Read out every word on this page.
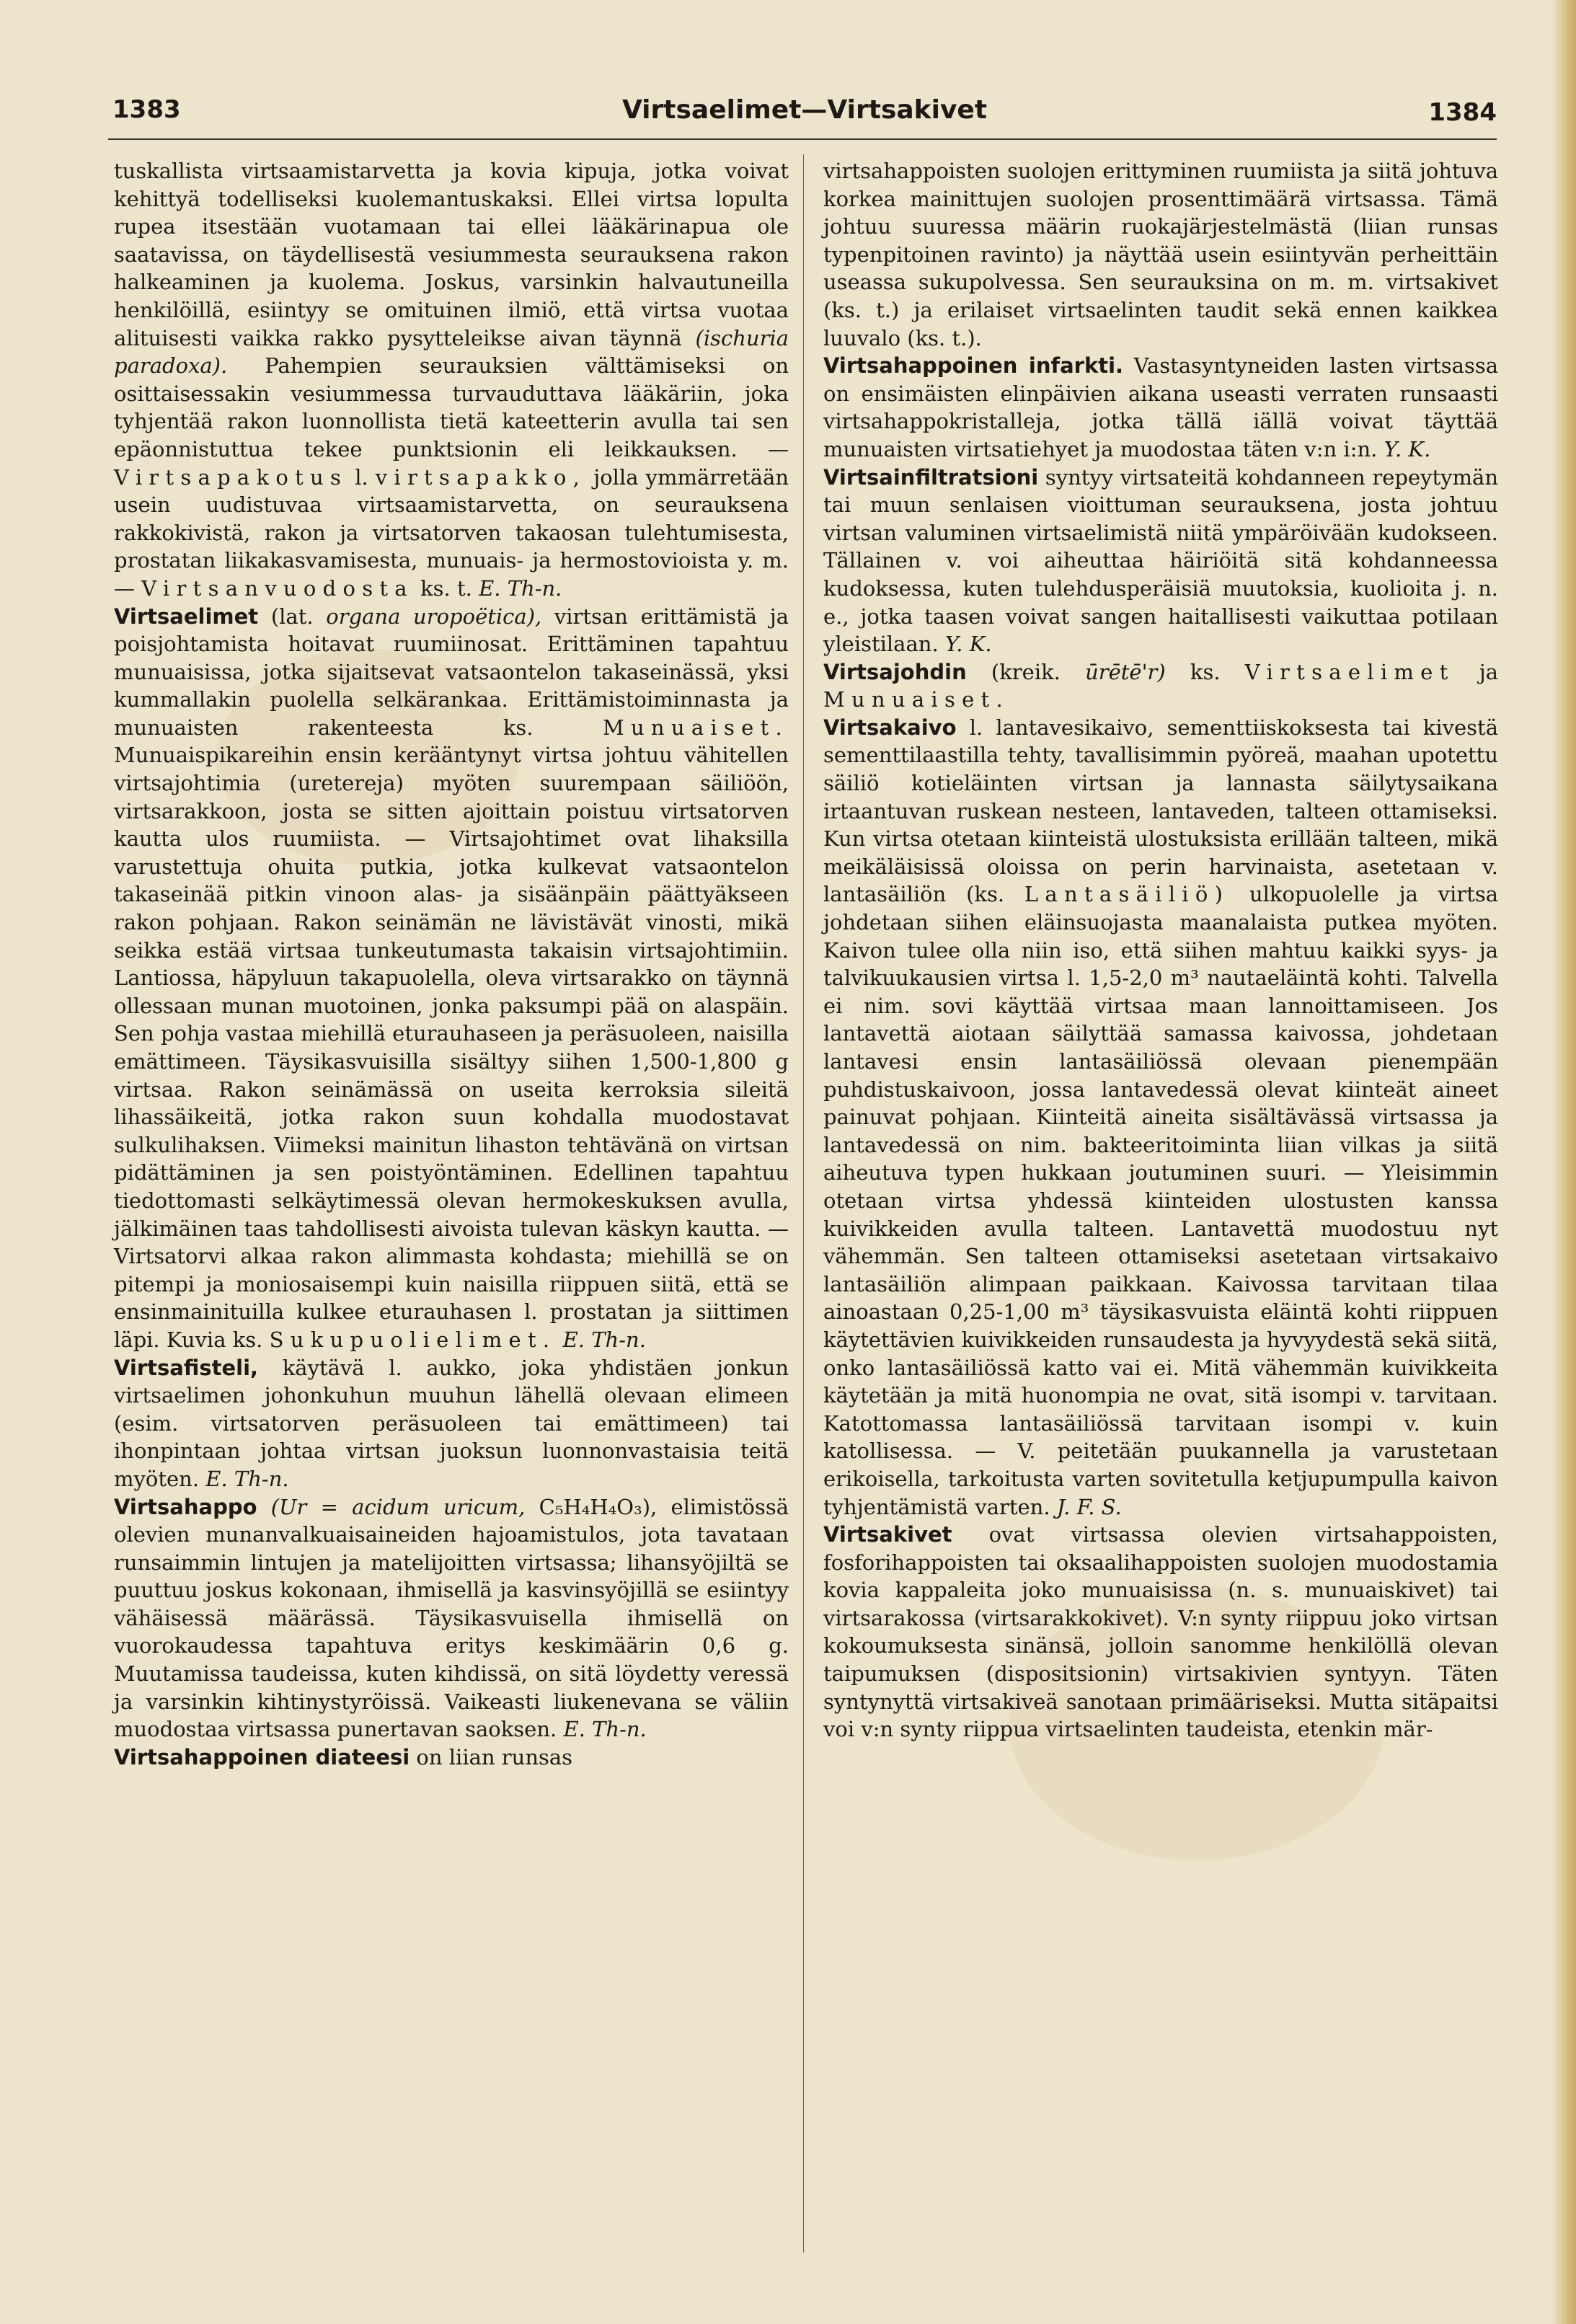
1383	Virtsaelimet—Virtsakivet	1384

tuskallista virtsaamistarvetta ja kovia kipuja, jotka voivat kehittyä todelliseksi kuolemantuskaksi. Ellei virtsa lopulta rupea itsestään vuotamaan tai ellei lääkärinapua ole saatavissa, on täydellisestä vesiummesta seurauksena rakon halkeaminen ja kuolema. Joskus, varsinkin halvautuneilla henkilöillä, esiintyy se omituinen ilmiö, että virtsa vuotaa alituisesti vaikka rakko pysytteleikse aivan täynnä (ischuria paradoxa). Pahempien seurauksien välttämiseksi on osittaisessakin vesiummessa turvauduttava lääkäriin, joka tyhjentää rakon luonnollista tietä kateetterin avulla tai sen epäonnistuttua tekee punktsionin eli leikkauksen. — Virtsapakotus l. virtsapakko, jolla ymmärretään usein uudistuvaa virtsaamistarvetta, on seurauksena rakkokivistä, rakon ja virtsatorven takaosan tulehtumisesta, prostatan liikakasvamisesta, munuais- ja hermostovioista y. m. — Virtsanvuodosta ks. t. E. Th-n.

Virtsaelimet (lat. organa uropoëtica), virtsan erittämistä ja poisjohtamista hoitavat ruumiinosat. Erittäminen tapahtuu munuaisissa, jotka sijaitsevat vatsaontelon takaseinässä, yksi kummallakin puolella selkärankaa. Erittämistoiminnasta ja munuaisten rakenteesta ks.	Munuaiset. Munuaispikareihin ensin kerääntynyt virtsa johtuu vähitellen virtsajohtimia (uretereja) myöten suurempaan säiliöön, virtsarakkoon, josta se sitten ajoittain poistuu virtsatorven kautta ulos ruumiista. — Virtsajohtimet ovat lihaksilla varustettuja ohuita putkia, jotka kulkevat vatsaontelon takaseinää pitkin vinoon alas- ja sisäänpäin päättyäkseen rakon pohjaan. Rakon seinämän ne lävistävät vinosti, mikä seikka estää virtsaa tunkeutumasta takaisin virtsajohtimiin. Lantiossa, häpyluun takapuolella, oleva virtsarakko on täynnä ollessaan munan muotoinen, jonka paksumpi pää on alaspäin. Sen pohja vastaa miehillä eturauhaseen ja peräsuoleen, naisilla emättimeen. Täysikasvuisilla sisältyy siihen 1,500-1,800 g virtsaa. Rakon seinämässä on useita kerroksia sileitä lihassäikeitä, jotka rakon suun kohdalla muodostavat sulkulihaksen. Viimeksi mainitun lihaston tehtävänä on virtsan pidättäminen ja sen poistyöntäminen. Edellinen tapahtuu tiedottomasti selkäytimessä olevan hermokeskuksen avulla, jälkimäinen taas tahdollisesti aivoista tulevan käskyn kautta. — Virtsatorvi alkaa rakon alimmasta kohdasta; miehillä se on pitempi ja moniosaisempi kuin naisilla riippuen siitä, että se ensinmainituilla kulkee eturauhasen l. prostatan ja siittimen läpi. Kuvia ks. Sukupuolielimet. E. Th-n.

Virtsafisteli, käytävä l. aukko, joka yhdistäen jonkun virtsaelimen johonkuhun muuhun lähellä olevaan elimeen (esim. virtsatorven peräsuoleen tai emättimeen) tai ihonpintaan johtaa virtsan juoksun luonnonvastaisia teitä myöten. E. Th-n.

Virtsahappo (Ur = acidum uricum, C₅H₄H₄O₃), elimistössä olevien munanvalkuaisaineiden hajoamistulos, jota tavataan runsaimmin lintujen ja matelijoitten virtsassa; lihansyöjiltä se puuttuu joskus kokonaan, ihmisellä ja kasvinsyöjillä se esiintyy vähäisessä määrässä. Täysikasvuisella ihmisellä on vuorokaudessa tapahtuva eritys keskimäärin 0,6 g. Muutamissa taudeissa, kuten kihdissä, on sitä löydetty veressä ja varsinkin kihtinystyröissä. Vaikeasti liukenevana se väliin muodostaa virtsassa punertavan saoksen. E. Th-n.

Virtsahappoinen diateesi on liian runsas

virtsahappoisten suolojen erittyminen ruumiista ja siitä johtuva korkea mainittujen suolojen prosenttimäärä virtsassa. Tämä johtuu suuressa määrin ruokajärjestelmästä (liian runsas typenpitoinen ravinto) ja näyttää usein esiintyvän perheittäin useassa sukupolvessa. Sen seurauksina on m. m. virtsakivet (ks. t.) ja erilaiset virtsaelinten taudit sekä ennen kaikkea luuvalo (ks. t.).

Virtsahappoinen infarkti. Vastasyntyneiden lasten virtsassa on ensimäisten elinpäivien aikana useasti verraten runsaasti virtsahappokristalleja, jotka tällä iällä voivat täyttää munuaisten virtsatiehyet ja muodostaa täten v:n i:n. Y. K.

Virtsainfiltratsioni syntyy virtsateitä kohdanneen repeytymän tai muun senlaisen vioittuman seurauksena, josta johtuu virtsan valuminen virtsaelimistä niitä ympäröivään kudokseen. Tällainen v. voi aiheuttaa häiriöitä sitä kohdanneessa kudoksessa, kuten tulehdusperäisiä muutoksia, kuolioita j. n. e., jotka taasen voivat sangen haitallisesti vaikuttaa potilaan yleistilaan. Y. K.

Virtsajohdin (kreik. ūrētē'r) ks. Virtsaelimet ja Munuaiset.

Virtsakaivo l. lantavesikaivo, sementtiiskoksesta tai kivestä sementtilaastilla tehty, tavallisimmin pyöreä, maahan upotettu säiliö kotieläinten virtsan ja lannasta säilytysaikana irtaantuvan ruskean nesteen, lantaveden, talteen ottamiseksi. Kun virtsa otetaan kiinteistä ulostuksista erillään talteen, mikä meikäläisissä oloissa on perin harvinaista, asetetaan v. lantasäiliön (ks. Lantasäiliö) ulkopuolelle ja virtsa johdetaan siihen eläinsuojasta maanalaista putkea myöten. Kaivon tulee olla niin iso, että siihen mahtuu kaikki syys- ja talvikuukausien virtsa l. 1,5-2,0 m³ nautaeläintä kohti. Talvella ei nim. sovi käyttää virtsaa maan lannoittamiseen. Jos lantavettä aiotaan säilyttää samassa kaivossa, johdetaan lantavesi ensin lantasäiliössä olevaan pienempään puhdistuskaivoon, jossa lantavedessä olevat kiinteät aineet painuvat pohjaan. Kiinteitä aineita sisältävässä virtsassa ja lantavedessä on nim. bakteeritoiminta liian vilkas ja siitä aiheutuva typen hukkaan joutuminen suuri. — Yleisimmin otetaan virtsa yhdessä kiinteiden ulostusten kanssa kuivikkeiden avulla talteen. Lantavettä muodostuu nyt vähemmän. Sen talteen ottamiseksi asetetaan virtsakaivo lantasäiliön alimpaan paikkaan. Kaivossa tarvitaan tilaa ainoastaan 0,25-1,00 m³ täysikasvuista eläintä kohti riippuen käytettävien kuivikkeiden runsaudesta ja hyvyydestä sekä siitä, onko lantasäiliössä katto vai ei. Mitä vähemmän kuivikkeita käytetään ja mitä huonompia ne ovat, sitä isompi v. tarvitaan. Katottomassa lantasäiliössä tarvitaan isompi v. kuin katollisessa. — V. peitetään puukannella ja varustetaan erikoisella, tarkoitusta varten sovitetulla ketjupumpulla kaivon tyhjentämistä varten. J. F. S.

Virtsakivet ovat virtsassa olevien virtsahappoisten, fosforihappoisten tai oksaalihappoisten suolojen muodostamia kovia kappaleita joko munuaisissa (n. s. munuaiskivet) tai virtsarakossa (virtsarakkokivet). V:n synty riippuu joko virtsan kokoumuksesta sinänsä, jolloin sanomme henkilöllä olevan taipumuksen (dispositsionin) virtsakivien syntyyn. Täten syntynyttä virtsakiveä sanotaan primääriseksi. Mutta sitäpaitsi voi v:n synty riippua virtsaelinten taudeista, etenkin mär-
